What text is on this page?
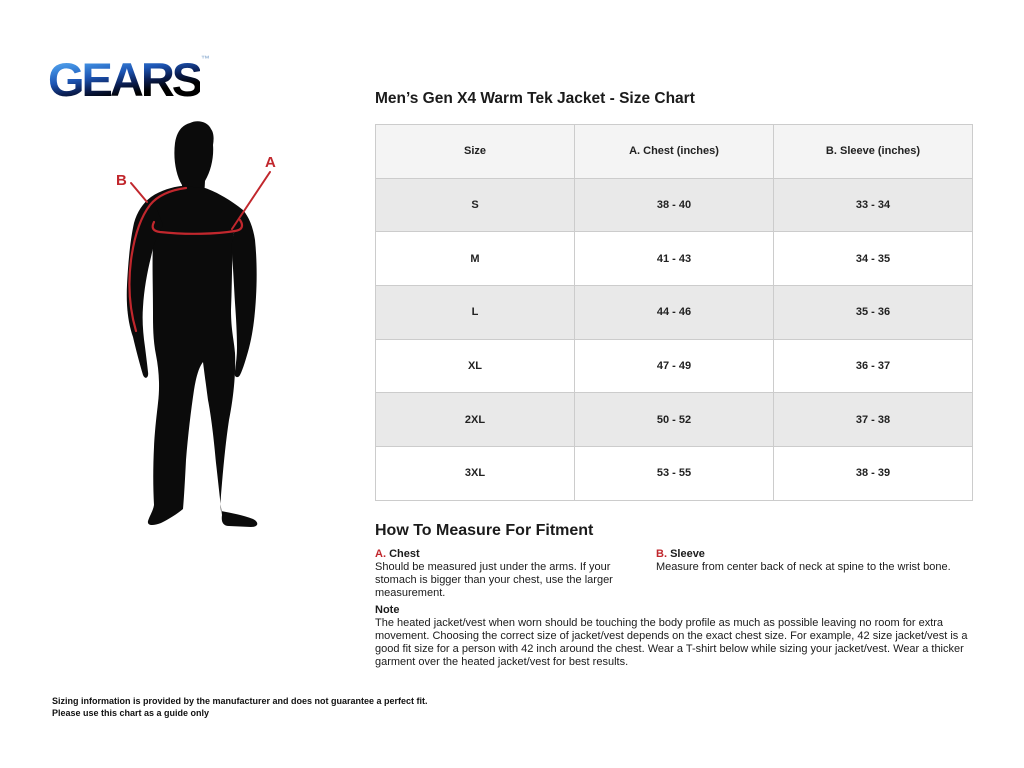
GEARS ™
Men’s Gen X4 Warm Tek Jacket - Size Chart
Size	A. Chest (inches)	B. Sleeve (inches)
S	38 - 40	33 - 34
M	41 - 43	34 - 35
L	44 - 46	35 - 36
XL	47 - 49	36 - 37
2XL	50 - 52	37 - 38
3XL	53 - 55	38 - 39
B
A
How To Measure For Fitment
A. Chest
Should be measured just under the arms. If your stomach is bigger than your chest, use the larger measurement.
B. Sleeve
Measure from center back of neck at spine to the wrist bone.
Note
The heated jacket/vest when worn should be touching the body profile as much as possible leaving no room for extra movement. Choosing the correct size of jacket/vest depends on the exact chest size. For example, 42 size jacket/vest is a good fit size for a person with 42 inch around the chest. Wear a T-shirt below while sizing your jacket/vest. Wear a thicker garment over the heated jacket/vest for best results.
Sizing information is provided by the manufacturer and does not guarantee a perfect fit.
Please use this chart as a guide only
